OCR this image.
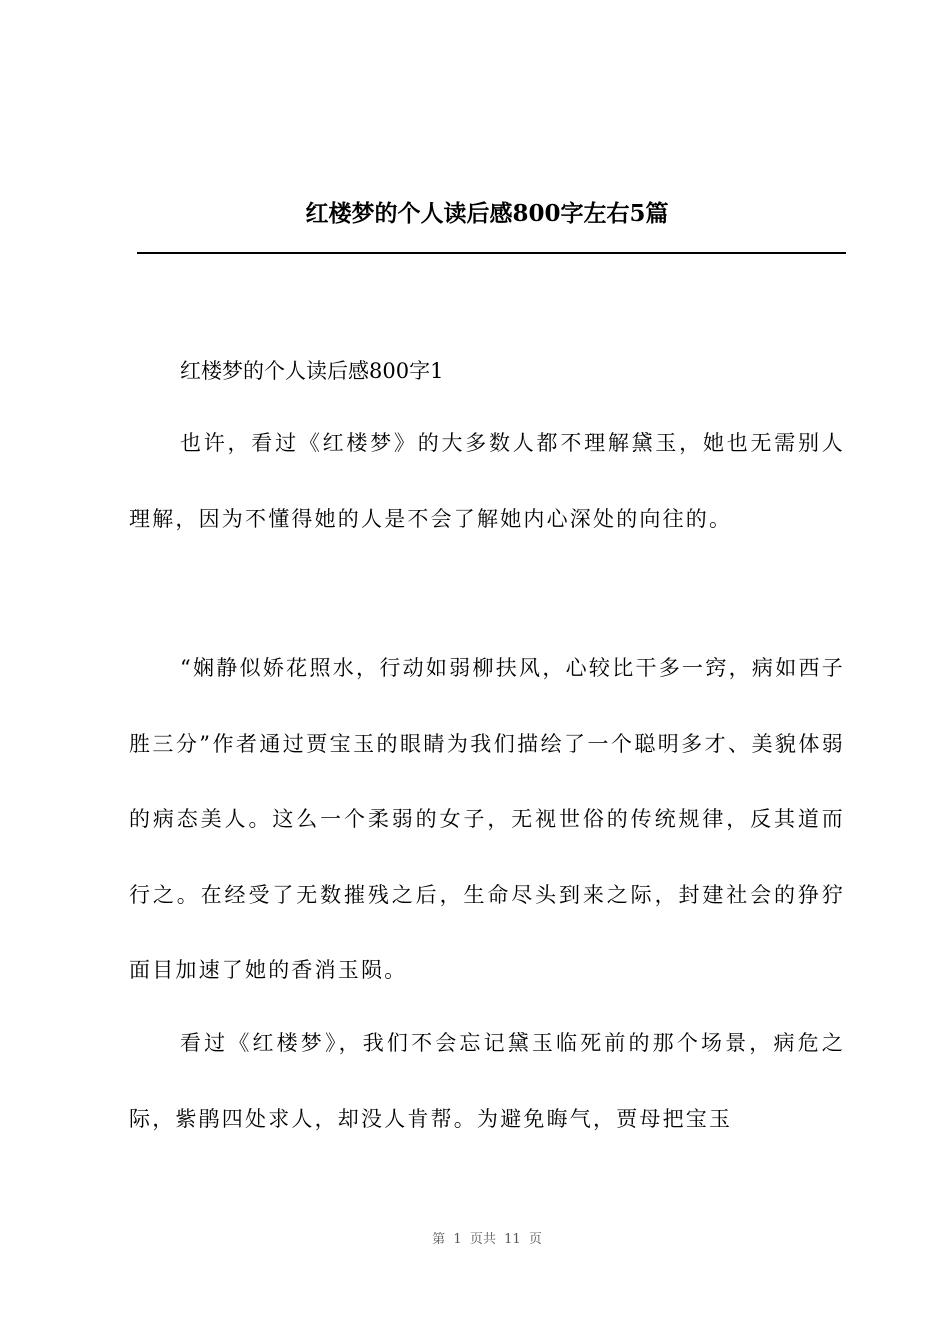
红楼梦的个人读后感800字左右5篇
红楼梦的个人读后感800字1

也许，看过《红楼梦》的大多数人都不理解黛玉，她也无需别人理解，因为不懂得她的人是不会了解她内心深处的向往的。

“娴静似娇花照水，行动如弱柳扶风，心较比干多一窍，病如西子胜三分”作者通过贾宝玉的眼睛为我们描绘了一个聪明多才、美貌体弱的病态美人。这么一个柔弱的女子，无视世俗的传统规律，反其道而行之。在经受了无数摧残之后，生命尽头到来之际，封建社会的狰狞面目加速了她的香消玉陨。

看过《红楼梦》，我们不会忘记黛玉临死前的那个场景，病危之际，紫鹃四处求人，却没人肯帮。为避免晦气，贾母把宝玉

第  1  页共  11  页
